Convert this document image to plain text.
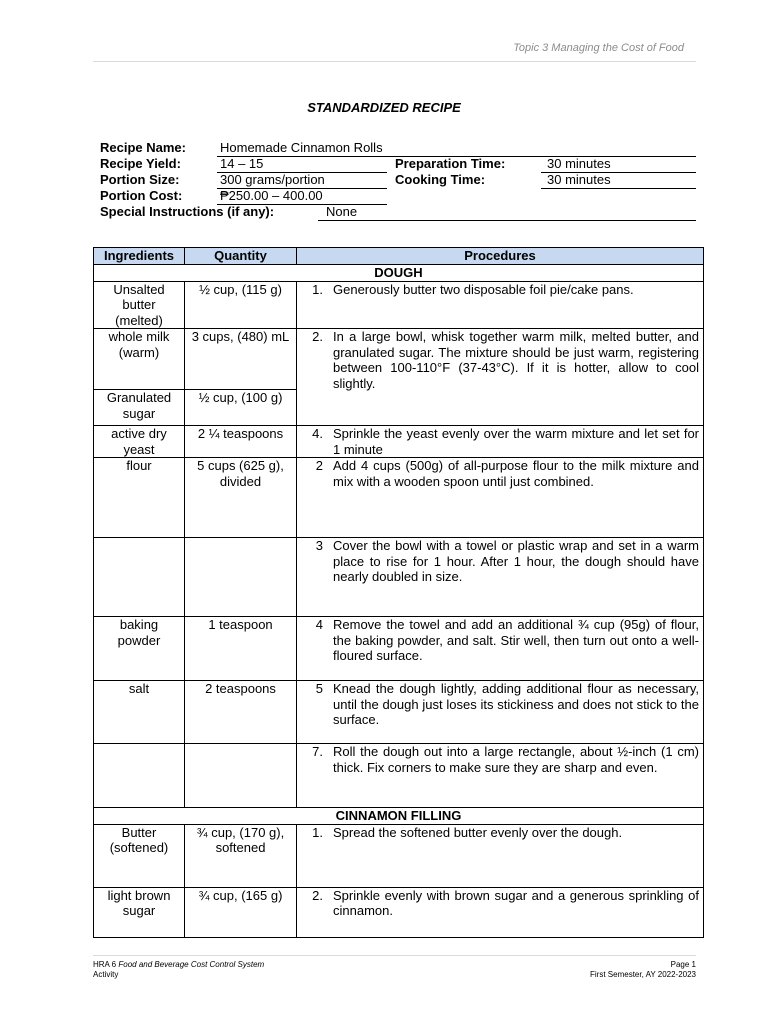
Topic 3 Managing the Cost of Food
STANDARDIZED RECIPE
Recipe Name:	Homemade Cinnamon Rolls
Recipe Yield:	14 – 15
Portion Size:	300 grams/portion
Portion Cost:	₱250.00 – 400.00
Special Instructions (if any):	None
Preparation Time:	30 minutes
Cooking Time:	30 minutes
Ingredients	Quantity	Procedures
DOUGH		
Unsalted butter (melted)	½ cup, (115 g)	1. Generously butter two disposable foil pie/cake pans.

whole milk (warm)	3 cups, (480) mL	2. In a large bowl, whisk together warm milk, melted butter, and granulated sugar. The mixture should be just warm, registering between 100-110°F (37-43°C). If it is hotter, allow to cool slightly.

Granulated sugar	½ cup, (100 g)	
active dry yeast	2 ¼ teaspoons	4. Sprinkle the yeast evenly over the warm mixture and let set for 1 minute

flour	5 cups (625 g), divided	2 Add 4 cups (500g) of all-purpose flour to the milk mixture and mix with a wooden spoon until just combined.

		3 Cover the bowl with a towel or plastic wrap and set in a warm place to rise for 1 hour. After 1 hour, the dough should have nearly doubled in size.

baking powder	1 teaspoon	4 Remove the towel and add an additional ¾ cup (95g) of flour, the baking powder, and salt. Stir well, then turn out onto a well-floured surface.

salt	2 teaspoons	5 Knead the dough lightly, adding additional flour as necessary, until the dough just loses its stickiness and does not stick to the surface.

		7. Roll the dough out into a large rectangle, about ½-inch (1 cm) thick. Fix corners to make sure they are sharp and even.

CINNAMON FILLING		
Butter (softened)	¾ cup, (170 g), softened	1. Spread the softened butter evenly over the dough.

light brown sugar	¾ cup, (165 g)	2. Sprinkle evenly with brown sugar and a generous sprinkling of cinnamon.
HRA 6 Food and Beverage Cost Control System
Activity
Page 1
First Semester, AY 2022-2023
